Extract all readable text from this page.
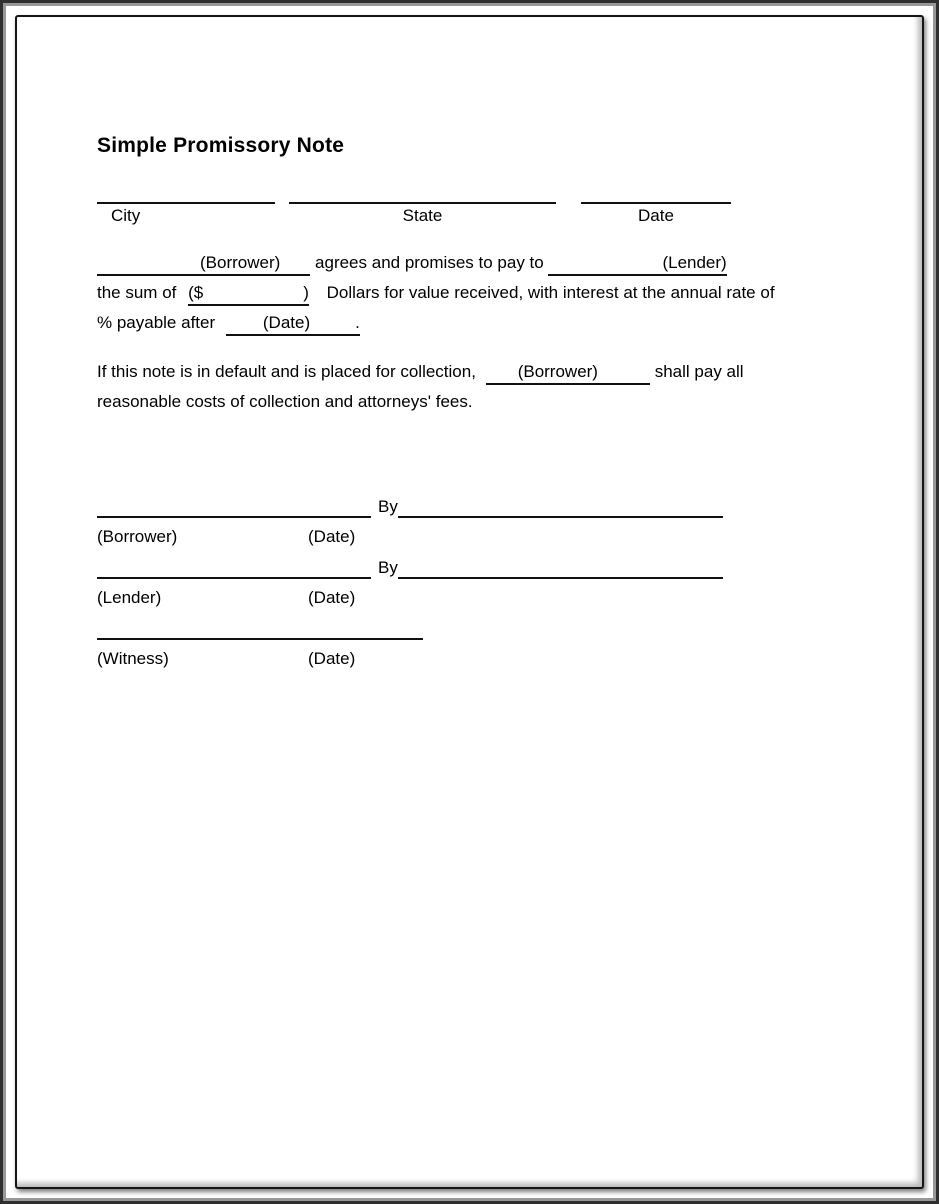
Simple Promissory Note
City	State	Date
(Borrower) agrees and promises to pay to	(Lender)
the sum of ($	) Dollars for value received, with interest at the annual rate of
% payable after	(Date)	.
If this note is in default and is placed for collection, (Borrower)	shall pay all
reasonable costs of collection and attorneys' fees.
By
(Borrower)	(Date)
By
(Lender)	(Date)
(Witness)	(Date)
